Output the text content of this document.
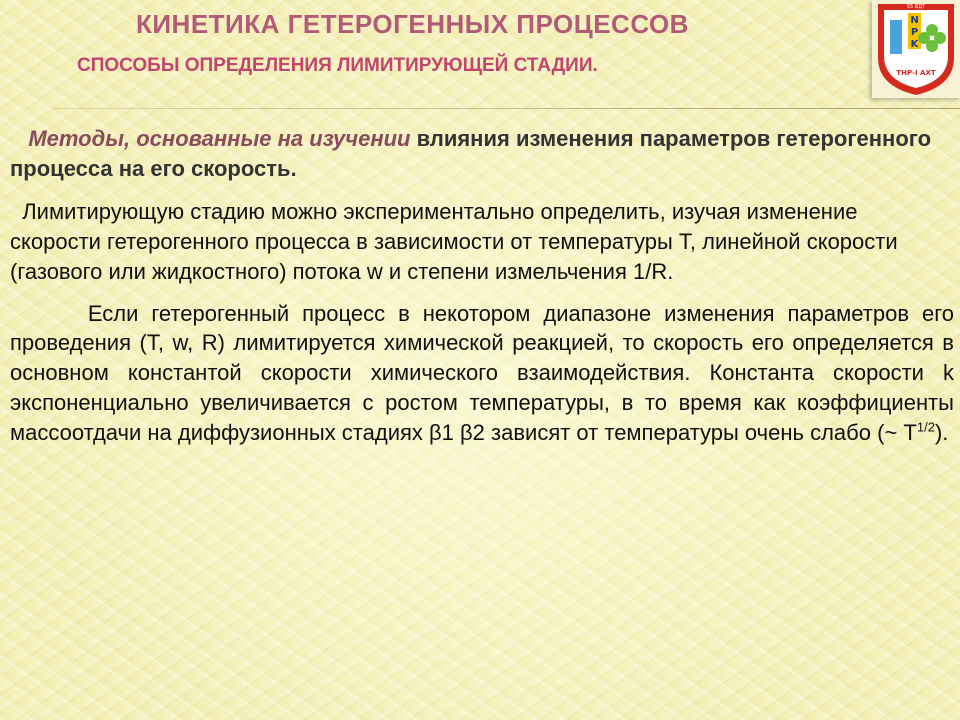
КИНЕТИКА ГЕТЕРОГЕННЫХ ПРОЦЕССОВ
СПОСОБЫ ОПРЕДЕЛЕНИЯ ЛИМИТИРУЮЩЕЙ СТАДИИ.
55 ВДТ
N
P
K
ТНР-І АХТ

Методы, основанные на изучении влияния изменения параметров гетерогенного процесса на его скорость.

Лимитирующую стадию можно экспериментально определить, изучая изменение скорости гетерогенного процесса в зависимости от температуры Т, линейной скорости (газового или жидкостного) потока w и степени измельчения 1/R.

Если гетерогенный процесс в некотором диапазоне изменения параметров его проведения (Т, w, R) лимитируется химической реакцией, то скорость его определяется в основном константой скорости химического взаимодействия. Константа скорости k экспоненциально увеличивается с ростом температуры, в то время как коэффициенты массоотдачи на диффузионных стадиях β1 β2 зависят от температуры очень слабо (~ $Т^{1/2}$).
